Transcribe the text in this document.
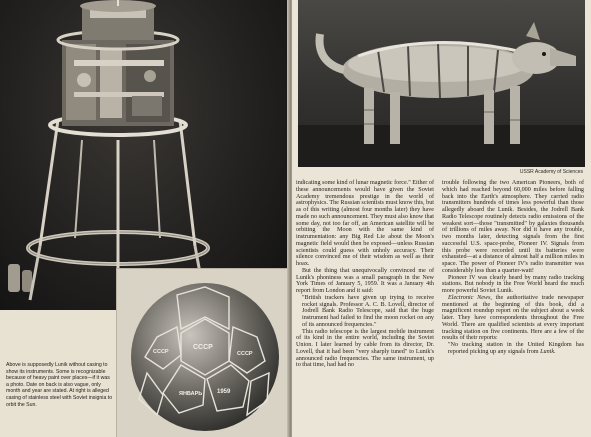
Above is supposedly Lunik without casing to show its instruments. Some is recognizable because of heavy paint over places—if it was a photo. Date on back is also vague, only month and year are stated. At right is alleged casing of stainless steel with Soviet insignia to orbit the Sun.
СССР
СССР	СССР
ЯНВАРЬ 1959
USSR Academy of Sciences

indicating some kind of lunar magnetic force." Either of these announcements would have given the Soviet Academy tremendous prestige in the world of astrophysics. The Russian scientists must know this, but as of this writing (almost four months later) they have made no such announcement. They must also know that some day, not too far off, an American satellite will be orbiting the Moon with the same kind of instrumentation: any Big Red Lie about the Moon's magnetic field would then be exposed—unless Russian scientists could guess with unholy accuracy. Their silence convinced me of their wisdom as well as their hoax.

But the thing that unequivocally convinced me of Lunik's phoniness was a small paragraph in the New York Times of January 5, 1959. It was a January 4th report from London and it said:

"British trackers have given up trying to receive rocket signals. Professor A. C. B. Lovell, director of Jodrell Bank Radio Telescope, said that the huge instrument had failed to find the moon rocket on any of its announced frequencies."

This radio telescope is the largest mobile instrument of its kind in the entire world, including the Soviet Union. I later learned by cable from its director, Dr. Lovell, that it had been "very sharply tuned" to Lunik's announced radio frequencies. The same instrument, up to that time, had had no

trouble following the two American Pioneers, both of which had reached beyond 60,000 miles before falling back into the Earth's atmosphere. They carried radio transmitters hundreds of times less powerful than those allegedly aboard the Lunik. Besides, the Jodrell Bank Radio Telescope routinely detects radio emissions of the weakest sort—those "transmitted" by galaxies thousands of trillions of miles away. Nor did it have any trouble, two months later, detecting signals from the first successful U.S. space-probe, Pioneer IV. Signals from this probe were recorded until its batteries were exhausted—at a distance of almost half a million miles in space. The power of Pioneer IV's radio transmitter was considerably less than a quarter-watt!

Pioneer IV was clearly heard by many radio tracking stations. But nobody in the Free World heard the much more powerful Soviet Lunik.

Electronic News, the authoritative trade newspaper mentioned at the beginning of this book, did a magnificent roundup report on the subject about a week later. They have correspondents throughout the Free World. There are qualified scientists at every important tracking station on five continents. Here are a few of the results of their reports:

"No tracking station in the United Kingdom has reported picking up any signals from Lunik.
